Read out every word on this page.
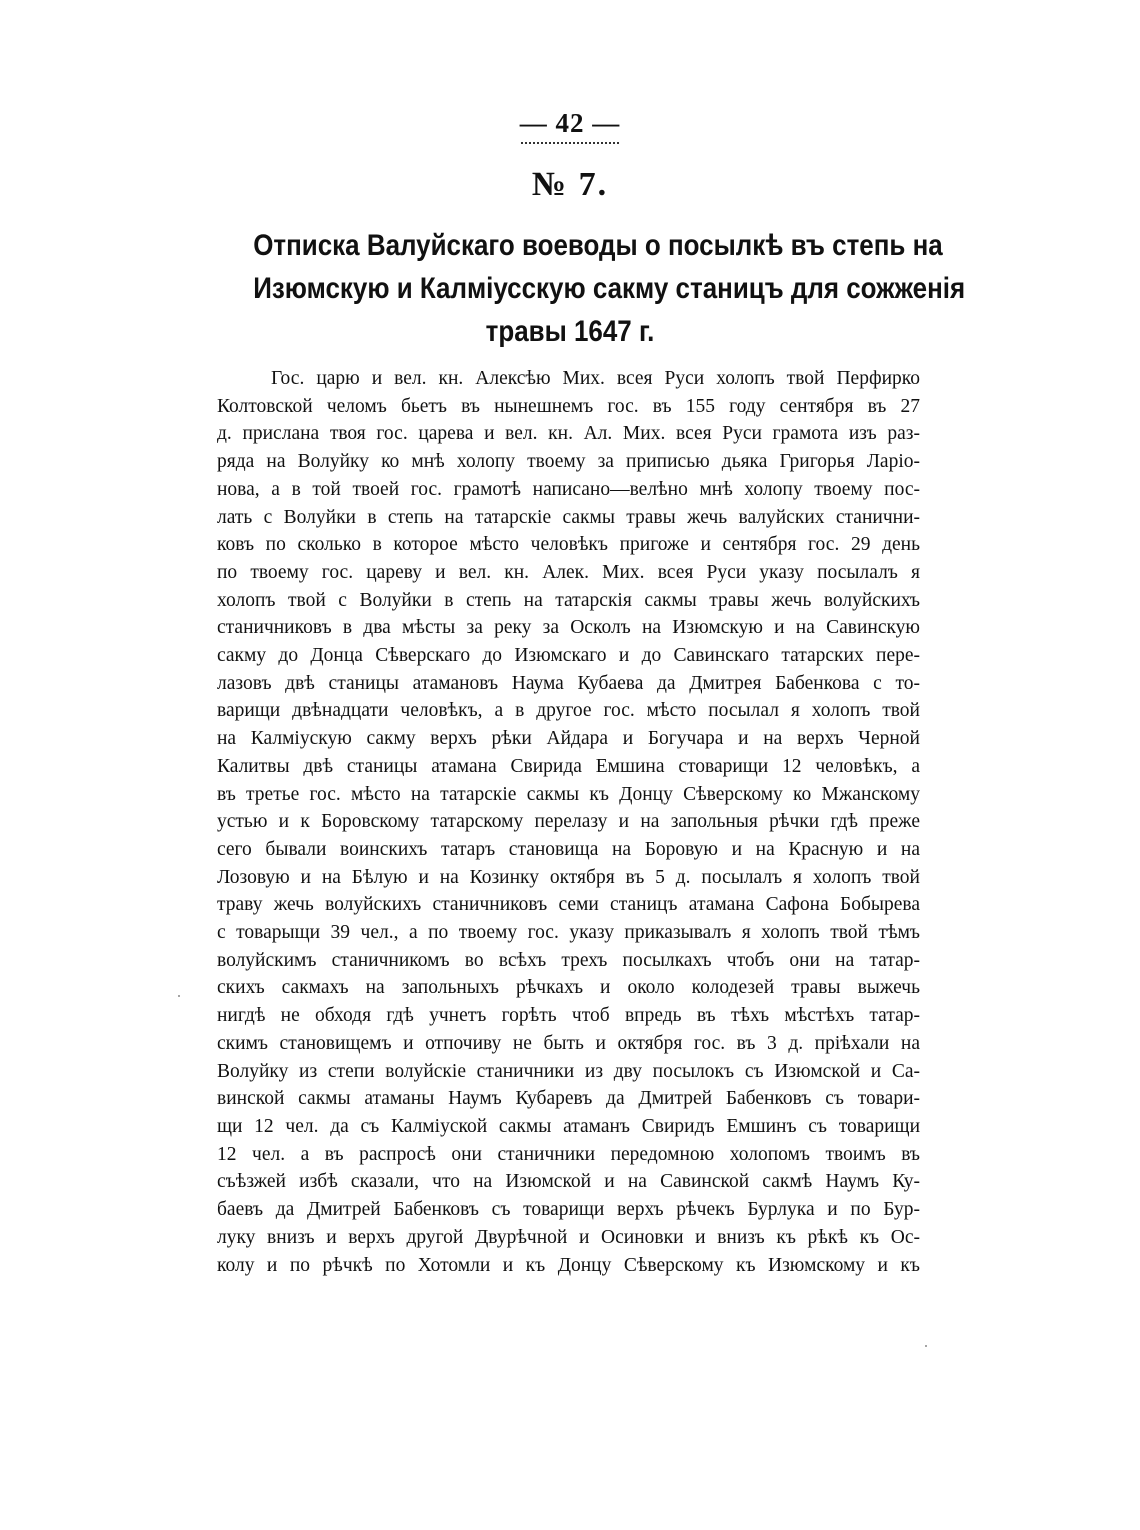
— 42 —
№ 7.
Отписка Валуйскаго воеводы о посылкѣ въ степь на
Изюмскую и Калміусскую сакму станицъ для сожженія
травы 1647 г.
Гос. царю и вел. кн. Алексѣю Мих. всея Руси холопъ твой Перфирко
Колтовской челомъ бьетъ въ нынешнемъ гос. въ 155 году сентября въ 27
д. прислана твоя гос. царева и вел. кн. Ал. Мих. всея Руси грамота изъ раз-
ряда на Волуйку ко мнѣ холопу твоему за приписью дьяка Григорья Ларіо-
нова, а в той твоей гос. грамотѣ написано—велѣно мнѣ холопу твоему пос-
лать с Волуйки в степь на татарскіе сакмы травы жечь валуйских станични-
ковъ по сколько в которое мѣсто человѣкъ пригоже и сентября гос. 29 день
по твоему гос. цареву и вел. кн. Алек. Мих. всея Руси указу посылалъ я
холопъ твой с Волуйки в степь на татарскія сакмы травы жечь волуйскихъ
станичниковъ в два мѣсты за реку за Осколъ на Изюмскую и на Савинскую
сакму до Донца Сѣверскаго до Изюмскаго и до Савинскаго татарских пере-
лазовъ двѣ станицы атамановъ Наума Кубаева да Дмитрея Бабенкова с то-
варищи двѣнадцати человѣкъ, а в другое гос. мѣсто посылал я холопъ твой
на Калміускую сакму верхъ рѣки Айдара и Богучара и на верхъ Черной
Калитвы двѣ станицы атамана Свирида Емшина стоварищи 12 человѣкъ, а
въ третье гос. мѣсто на татарскіе сакмы къ Донцу Сѣверскому ко Мжанскому
устью и к Боровскому татарскому перелазу и на запольныя рѣчки гдѣ преже
сего бывали воинскихъ татаръ становища на Боровую и на Красную и на
Лозовую и на Бѣлую и на Козинку октября въ 5 д. посылалъ я холопъ твой
траву жечь волуйскихъ станичниковъ семи станицъ атамана Сафона Бобырева
с товарыщи 39 чел., а по твоему гос. указу приказывалъ я холопъ твой тѣмъ
волуйскимъ станичникомъ во всѣхъ трехъ посылкахъ чтобъ они на татар-
скихъ сакмахъ на запольныхъ рѣчкахъ и около колодезей травы выжечь
нигдѣ не обходя гдѣ учнетъ горѣть чтоб впредь въ тѣхъ мѣстѣхъ татар-
скимъ становищемъ и отпочиву не быть и октября гос. въ 3 д. пріѣхали на
Волуйку из степи волуйскіе станичники из дву посылокъ съ Изюмской и Са-
винской сакмы атаманы Наумъ Кубаревъ да Дмитрей Бабенковъ съ товари-
щи 12 чел. да съ Калміуской сакмы атаманъ Свиридъ Емшинъ съ товарищи
12 чел. а въ распросѣ они станичники передомною холопомъ твоимъ въ
съѣзжей избѣ сказали, что на Изюмской и на Савинской сакмѣ Наумъ Ку-
баевъ да Дмитрей Бабенковъ съ товарищи верхъ рѣчекъ Бурлука и по Бур-
луку внизъ и верхъ другой Двурѣчной и Осиновки и внизъ къ рѣкѣ къ Ос-
колу и по рѣчкѣ по Хотомли и къ Донцу Сѣверскому къ Изюмскому и къ
